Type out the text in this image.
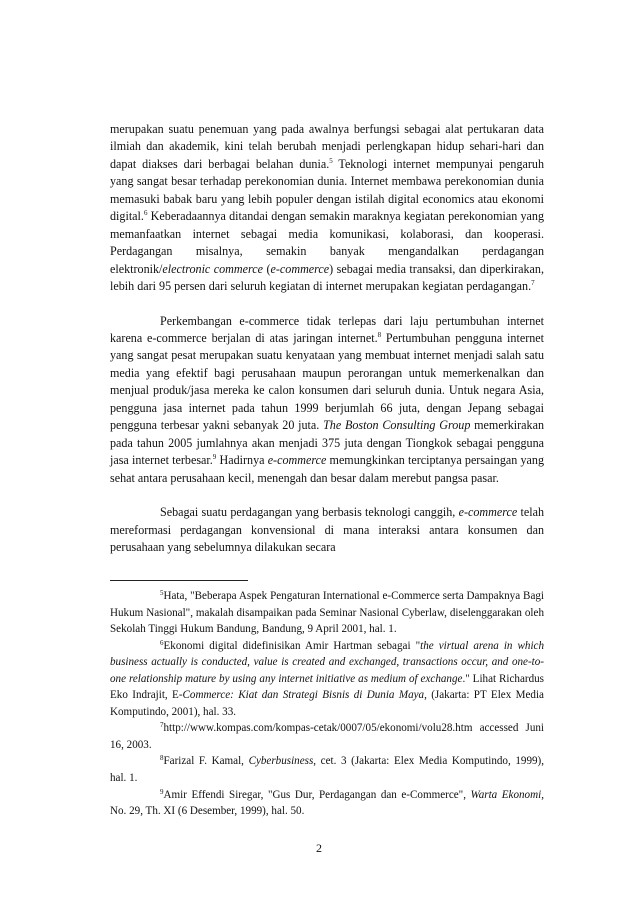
merupakan suatu penemuan yang pada awalnya berfungsi sebagai alat pertukaran data ilmiah dan akademik, kini telah berubah menjadi perlengkapan hidup sehari-hari dan dapat diakses dari berbagai belahan dunia.$^5$ Teknologi internet mempunyai pengaruh yang sangat besar terhadap perekonomian dunia. Internet membawa perekonomian dunia memasuki babak baru yang lebih populer dengan istilah digital economics atau ekonomi digital.$^6$ Keberadaannya ditandai dengan semakin maraknya kegiatan perekonomian yang memanfaatkan internet sebagai media komunikasi, kolaborasi, dan kooperasi. Perdagangan misalnya, semakin banyak mengandalkan perdagangan elektronik/electronic commerce (e-commerce) sebagai media transaksi, dan diperkirakan, lebih dari 95 persen dari seluruh kegiatan di internet merupakan kegiatan perdagangan.$^7$

Perkembangan e-commerce tidak terlepas dari laju pertumbuhan internet karena e-commerce berjalan di atas jaringan internet.$^8$ Pertumbuhan pengguna internet yang sangat pesat merupakan suatu kenyataan yang membuat internet menjadi salah satu media yang efektif bagi perusahaan maupun perorangan untuk memerkenalkan dan menjual produk/jasa mereka ke calon konsumen dari seluruh dunia. Untuk negara Asia, pengguna jasa internet pada tahun 1999 berjumlah 66 juta, dengan Jepang sebagai pengguna terbesar yakni sebanyak 20 juta. The Boston Consulting Group memerkirakan pada tahun 2005 jumlahnya akan menjadi 375 juta dengan Tiongkok sebagai pengguna jasa internet terbesar.$^9$ Hadirnya e-commerce memungkinkan terciptanya persaingan yang sehat antara perusahaan kecil, menengah dan besar dalam merebut pangsa pasar.

Sebagai suatu perdagangan yang berbasis teknologi canggih, e-commerce telah mereformasi perdagangan konvensional di mana interaksi antara konsumen dan perusahaan yang sebelumnya dilakukan secara

$^5$Hata, "Beberapa Aspek Pengaturan International e-Commerce serta Dampaknya Bagi Hukum Nasional", makalah disampaikan pada Seminar Nasional Cyberlaw, diselenggarakan oleh Sekolah Tinggi Hukum Bandung, Bandung, 9 April 2001, hal. 1.

$^6$Ekonomi digital didefinisikan Amir Hartman sebagai "the virtual arena in which business actually is conducted, value is created and exchanged, transactions occur, and one-to-one relationship mature by using any internet initiative as medium of exchange." Lihat Richardus Eko Indrajit, E-Commerce: Kiat dan Strategi Bisnis di Dunia Maya, (Jakarta: PT Elex Media Komputindo, 2001), hal. 33.

$^7$http://www.kompas.com/kompas-cetak/0007/05/ekonomi/volu28.htm accessed Juni 16, 2003.

$^8$Farizal F. Kamal, Cyberbusiness, cet. 3 (Jakarta: Elex Media Komputindo, 1999), hal. 1.

$^9$Amir Effendi Siregar, "Gus Dur, Perdagangan dan e-Commerce", Warta Ekonomi, No. 29, Th. XI (6 Desember, 1999), hal. 50.

2
